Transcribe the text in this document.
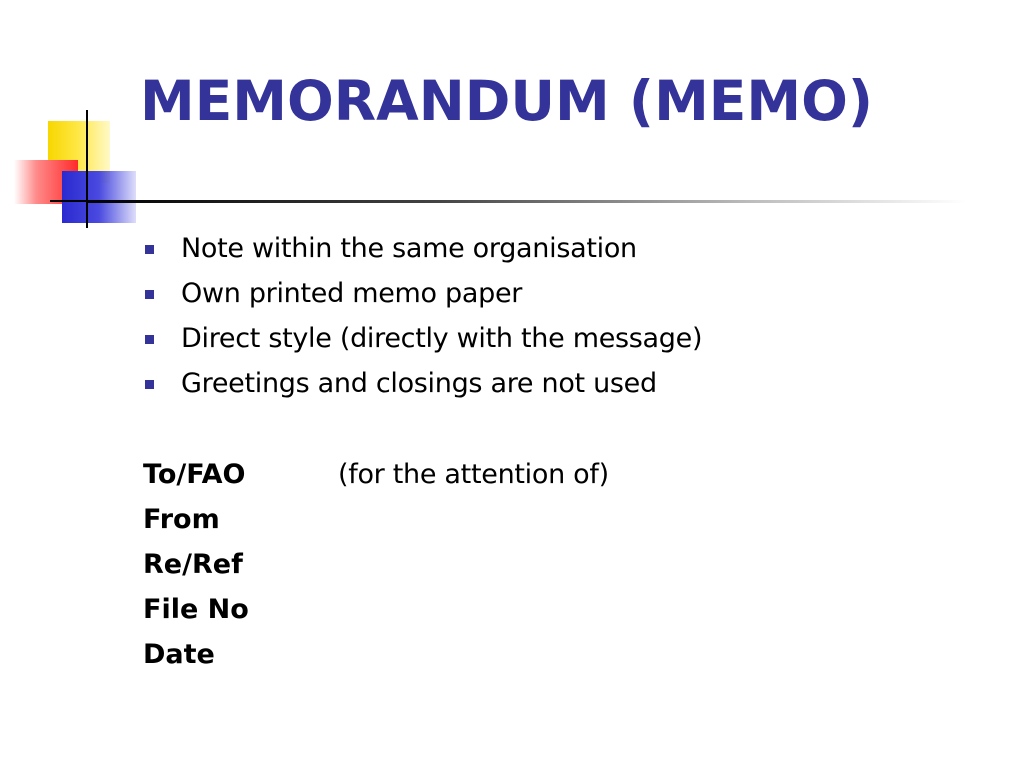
MEMORANDUM (MEMO)
Note within the same organisation
Own printed memo paper
Direct style (directly with the message)
Greetings and closings are not used
To/FAO	(for the attention of)
From
Re/Ref
File No
Date
